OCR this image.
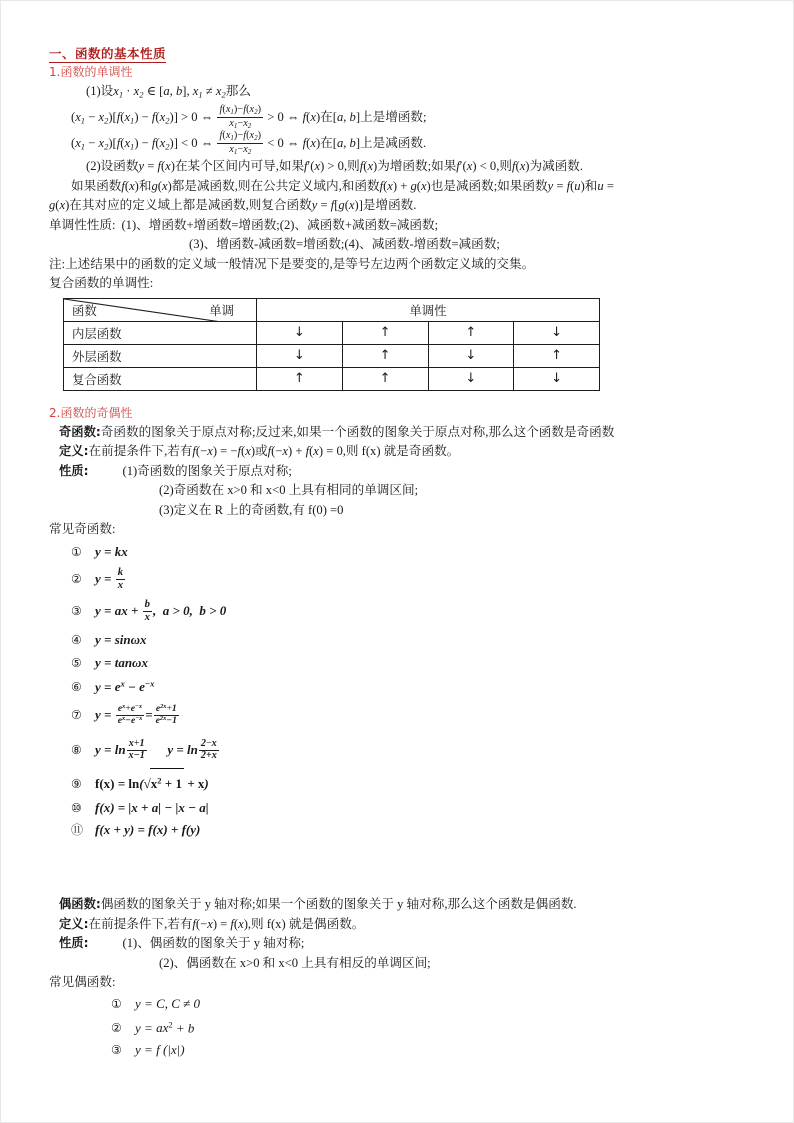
一、函数的基本性质
1.函数的单调性
(1)设$x_1 \cdot x_2$ ∈ [a, b], $x_1 \ne x_2$那么
$(x_1 - x_2)[f(x_1) - f(x_2)] > 0$ ⇔ $\frac{f(x_1)-f(x_2)}{x_1-x_2} > 0$ ⇔ f(x)在[a, b]上是增函数;
$(x_1 - x_2)[f(x_1) - f(x_2)] < 0$ ⇔ $\frac{f(x_1)-f(x_2)}{x_1-x_2} < 0$ ⇔ f(x)在[a, b]上是减函数.
(2)设函数y = f(x)在某个区间内可导,如果f′(x) > 0,则f(x)为增函数;如果f′(x) < 0,则f(x)为减函数.
如果函数f(x)和g(x)都是减函数,则在公共定义域内,和函数f(x) + g(x)也是减函数;如果函数y = f(u)和u =
g(x)在其对应的定义域上都是减函数,则复合函数y = f[g(x)]是增函数.
单调性性质: (1)、增函数+增函数=增函数;(2)、减函数+减函数=减函数;
(3)、增函数-减函数=增函数;(4)、减函数-增函数=减函数;
注:上述结果中的函数的定义域一般情况下是要变的,是等号左边两个函数定义域的交集。
复合函数的单调性:
函数 单调	单调性			
内层函数	↓	↑	↑	↓
外层函数	↓	↑	↓	↑
复合函数	↑	↑	↓	↓
2.函数的奇偶性
奇函数:奇函数的图象关于原点对称;反过来,如果一个函数的图象关于原点对称,那么这个函数是奇函数
定义:在前提条件下,若有f(−x) = −f(x)或f(−x) + f(x) = 0,则 f(x) 就是奇函数。
性质:	(1)奇函数的图象关于原点对称;
(2)奇函数在 x>0 和 x<0 上具有相同的单调区间;
(3)定义在 R 上的奇函数,有 f(0) =0
常见奇函数:
① y = kx
② $y = \frac{k}{x}$
③ y = ax + $\frac{b}{x}$ ,  a > 0,  b > 0
④ y = sinωx
⑤ y = tanωx
⑥ $y = e^x - e^{-x}$
⑦ $y = \frac{e^x+e^{-x}}{e^x-e^{-x}} = \frac{e^{2x}+1}{e^{2x}-1}$
⑧ $y = \ln \frac{x+1}{x-1}$ $y = \ln \frac{2-x}{2+x}$
⑨ $f(x) = \ln(√x^2 + 1 + x)$
⑩ f(x) = |x + a| − |x − a|
⑪ f(x + y) = f(x) + f(y)
偶函数:偶函数的图象关于 y 轴对称;如果一个函数的图象关于 y 轴对称,那么这个函数是偶函数.
定义:在前提条件下,若有f(−x) = f(x),则 f(x) 就是偶函数。
性质:	(1)、偶函数的图象关于 y 轴对称;
(2)、偶函数在 x>0 和 x<0 上具有相反的单调区间;
常见偶函数:
① y = C, C ≠ 0
② $y = ax^2 + b$
③ y = f (|x|)
